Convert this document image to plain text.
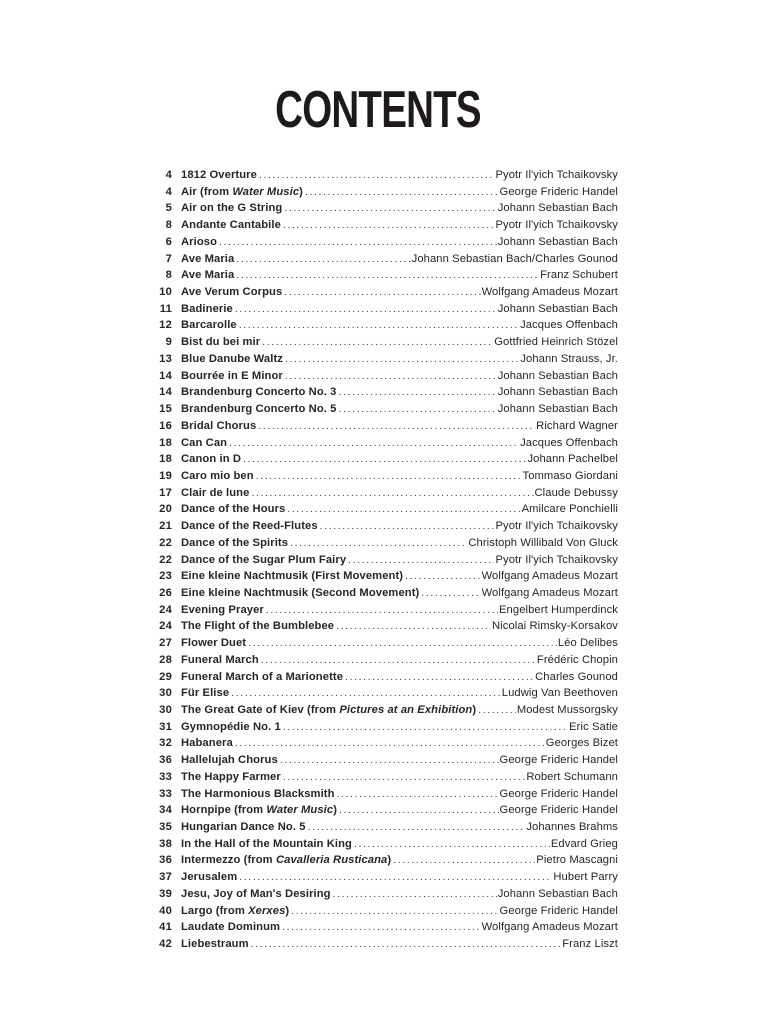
CONTENTS
4 1812 Overture .....	Pyotr Il'yich Tchaikovsky
4 Air (from Water Music) .....	George Frideric Handel
5 Air on the G String .....	Johann Sebastian Bach
8 Andante Cantabile .....	Pyotr Il'yich Tchaikovsky
6 Arioso .....	Johann Sebastian Bach
7 Ave Maria .....	Johann Sebastian Bach/Charles Gounod
8 Ave Maria .....	Franz Schubert
10 Ave Verum Corpus .....	Wolfgang Amadeus Mozart
11 Badinerie .....	Johann Sebastian Bach
12 Barcarolle .....	Jacques Offenbach
9 Bist du bei mir .....	Gottfried Heinrich Stözel
13 Blue Danube Waltz .....	Johann Strauss, Jr.
14 Bourrée in E Minor .....	Johann Sebastian Bach
14 Brandenburg Concerto No. 3 .....	Johann Sebastian Bach
15 Brandenburg Concerto No. 5 .....	Johann Sebastian Bach
16 Bridal Chorus .....	Richard Wagner
18 Can Can .....	Jacques Offenbach
18 Canon in D .....	Johann Pachelbel
19 Caro mio ben .....	Tommaso Giordani
17 Clair de lune .....	Claude Debussy
20 Dance of the Hours .....	Amilcare Ponchielli
21 Dance of the Reed-Flutes .....	Pyotr Il'yich Tchaikovsky
22 Dance of the Spirits .....	Christoph Willibald Von Gluck
22 Dance of the Sugar Plum Fairy .....	Pyotr Il'yich Tchaikovsky
23 Eine kleine Nachtmusik (First Movement) .....	Wolfgang Amadeus Mozart
26 Eine kleine Nachtmusik (Second Movement) .....	Wolfgang Amadeus Mozart
24 Evening Prayer .....	Engelbert Humperdinck
24 The Flight of the Bumblebee .....	Nicolai Rimsky-Korsakov
27 Flower Duet .....	Léo Delibes
28 Funeral March .....	Frédéric Chopin
29 Funeral March of a Marionette .....	Charles Gounod
30 Für Elise .....	Ludwig Van Beethoven
30 The Great Gate of Kiev (from Pictures at an Exhibition) .....	Modest Mussorgsky
31 Gymnopédie No. 1 .....	Eric Satie
32 Habanera .....	Georges Bizet
36 Hallelujah Chorus .....	George Frideric Handel
33 The Happy Farmer .....	Robert Schumann
33 The Harmonious Blacksmith .....	George Frideric Handel
34 Hornpipe (from Water Music) .....	George Frideric Handel
35 Hungarian Dance No. 5 .....	Johannes Brahms
38 In the Hall of the Mountain King .....	Edvard Grieg
36 Intermezzo (from Cavalleria Rusticana) .....	Pietro Mascagni
37 Jerusalem .....	Hubert Parry
39 Jesu, Joy of Man's Desiring .....	Johann Sebastian Bach
40 Largo (from Xerxes) .....	George Frideric Handel
41 Laudate Dominum .....	Wolfgang Amadeus Mozart
42 Liebestraum .....	Franz Liszt
